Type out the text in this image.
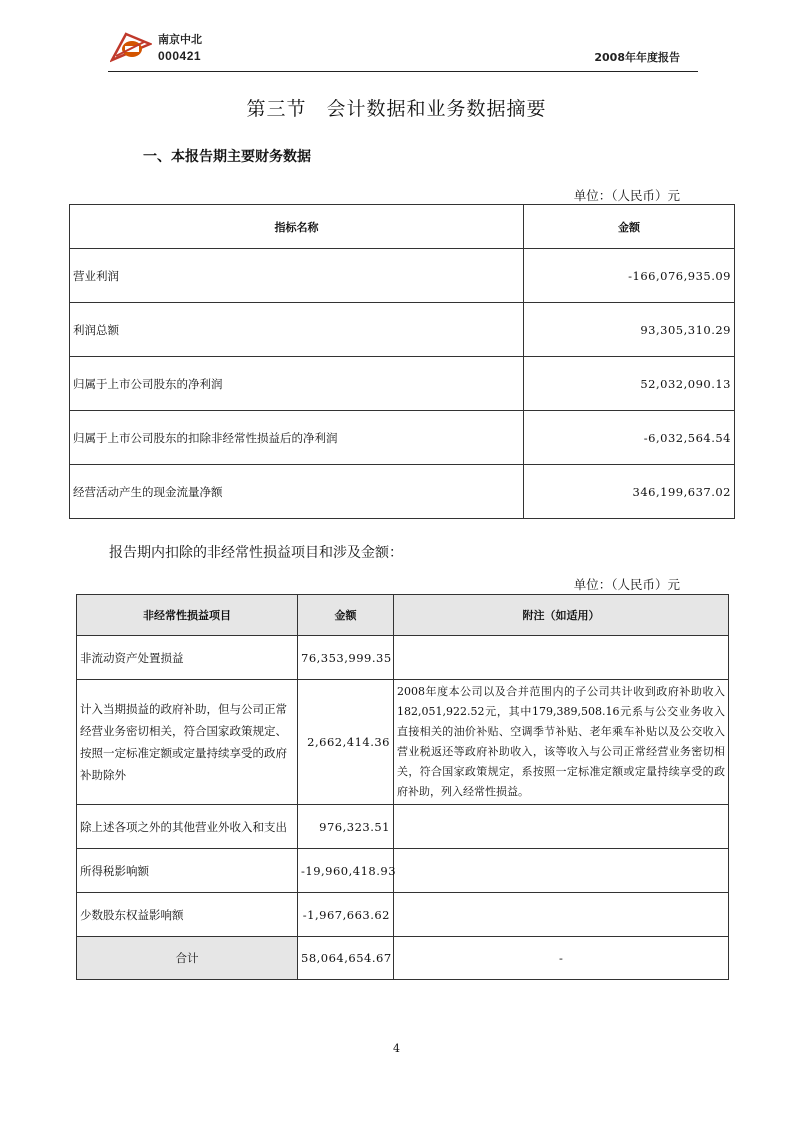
南京中北
000421	2008年年度报告
第三节　会计数据和业务数据摘要
一、本报告期主要财务数据
单位：（人民币）元
指标名称	金额
营业利润	-166,076,935.09
利润总额	93,305,310.29
归属于上市公司股东的净利润	52,032,090.13
归属于上市公司股东的扣除非经常性损益后的净利润	-6,032,564.54
经营活动产生的现金流量净额	346,199,637.02
报告期内扣除的非经常性损益项目和涉及金额：
单位：（人民币）元
非经常性损益项目	金额	附注（如适用）
非流动资产处置损益	76,353,999.35	
计入当期损益的政府补助，但与公司正常经营业务密切相关，符合国家政策规定、按照一定标准定额或定量持续享受的政府补助除外	2,662,414.36	2008年度本公司以及合并范围内的子公司共计收到政府补助收入182,051,922.52元，其中179,389,508.16元系与公交业务收入直接相关的油价补贴、空调季节补贴、老年乘车补贴以及公交收入营业税返还等政府补助收入，该等收入与公司正常经营业务密切相关，符合国家政策规定，系按照一定标准定额或定量持续享受的政府补助，列入经常性损益。
除上述各项之外的其他营业外收入和支出	976,323.51	
所得税影响额	-19,960,418.93	
少数股东权益影响额	-1,967,663.62	
合计	58,064,654.67	-
4
